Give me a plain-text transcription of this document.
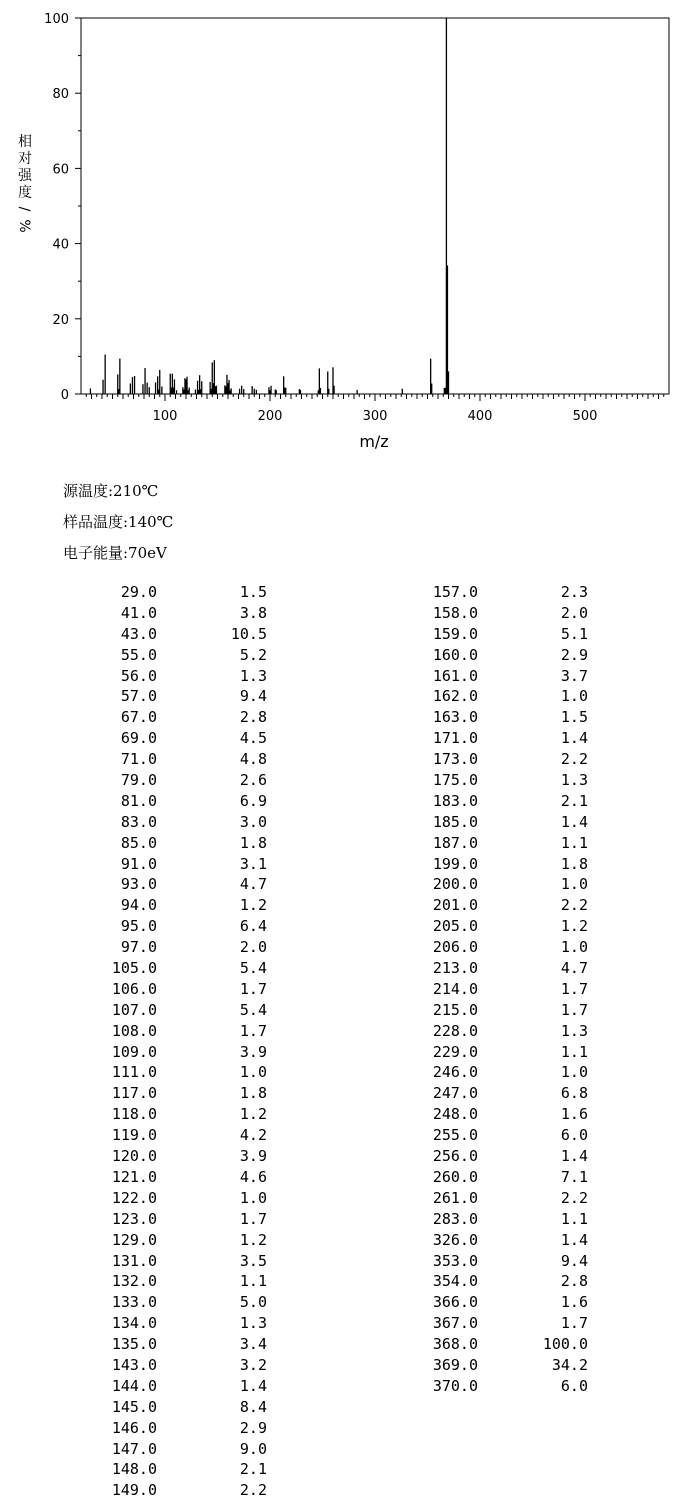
0
20
40
60
80
100
100	200	300	400	500
m/z
相
对
强
度
/
%
源温度:210℃
样品温度:140℃
电子能量:70eV
29.0	1.5
41.0	3.8
43.0	10.5
55.0	5.2
56.0	1.3
57.0	9.4
67.0	2.8
69.0	4.5
71.0	4.8
79.0	2.6
81.0	6.9
83.0	3.0
85.0	1.8
91.0	3.1
93.0	4.7
94.0	1.2
95.0	6.4
97.0	2.0
105.0	5.4
106.0	1.7
107.0	5.4
108.0	1.7
109.0	3.9
111.0	1.0
117.0	1.8
118.0	1.2
119.0	4.2
120.0	3.9
121.0	4.6
122.0	1.0
123.0	1.7
129.0	1.2
131.0	3.5
132.0	1.1
133.0	5.0
134.0	1.3
135.0	3.4
143.0	3.2
144.0	1.4
145.0	8.4
146.0	2.9
147.0	9.0
148.0	2.1
149.0	2.2
157.0	2.3
158.0	2.0
159.0	5.1
160.0	2.9
161.0	3.7
162.0	1.0
163.0	1.5
171.0	1.4
173.0	2.2
175.0	1.3
183.0	2.1
185.0	1.4
187.0	1.1
199.0	1.8
200.0	1.0
201.0	2.2
205.0	1.2
206.0	1.0
213.0	4.7
214.0	1.7
215.0	1.7
228.0	1.3
229.0	1.1
246.0	1.0
247.0	6.8
248.0	1.6
255.0	6.0
256.0	1.4
260.0	7.1
261.0	2.2
283.0	1.1
326.0	1.4
353.0	9.4
354.0	2.8
366.0	1.6
367.0	1.7
368.0	100.0
369.0	34.2
370.0	6.0
